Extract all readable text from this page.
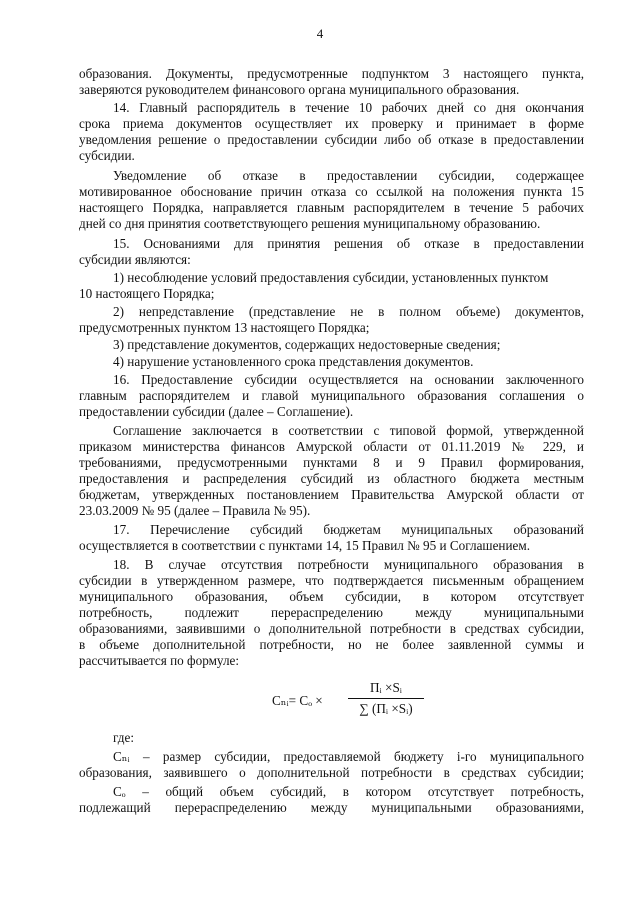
4
образования. Документы, предусмотренные подпунктом 3 настоящего пункта,
заверяются руководителем финансового органа муниципального образования.
14. Главный распорядитель в течение 10 рабочих дней со дня окончания
срока приема документов осуществляет их проверку и принимает в форме
уведомления решение о предоставлении субсидии либо об отказе в предоставлении
субсидии.
Уведомление об отказе в предоставлении субсидии, содержащее
мотивированное обоснование причин отказа со ссылкой на положения пункта 15
настоящего Порядка, направляется главным распорядителем в течение 5 рабочих
дней со дня принятия соответствующего решения муниципальному образованию.
15. Основаниями для принятия решения об отказе в предоставлении
субсидии являются:
1) несоблюдение условий предоставления субсидии, установленных пунктом
10 настоящего Порядка;
2) непредставление (представление не в полном объеме) документов,
предусмотренных пунктом 13 настоящего Порядка;
3) представление документов, содержащих недостоверные сведения;
4) нарушение установленного срока представления документов.
16. Предоставление субсидии осуществляется на основании заключенного
главным распорядителем и главой муниципального образования соглашения о
предоставлении субсидии (далее – Соглашение).
Соглашение заключается в соответствии с типовой формой, утвержденной
приказом министерства финансов Амурской области от 01.11.2019 № 229, и
требованиями, предусмотренными пунктами 8 и 9 Правил формирования,
предоставления и распределения субсидий из областного бюджета местным
бюджетам, утвержденных постановлением Правительства Амурской области от
23.03.2009 № 95 (далее – Правила № 95).
17. Перечисление субсидий бюджетам муниципальных образований
осуществляется в соответствии с пунктами 14, 15 Правил № 95 и Соглашением.
18. В случае отсутствия потребности муниципального образования в
субсидии в утвержденном размере, что подтверждается письменным обращением
муниципального образования, объем субсидии, в котором отсутствует
потребность, подлежит перераспределению между муниципальными
образованиями, заявившими о дополнительной потребности в средствах субсидии,
в объеме дополнительной потребности, но не более заявленной суммы и
рассчитывается по формуле:
Cₙᵢ= Cₒ ×
Πᵢ ×Sᵢ
∑ (Πᵢ ×Sᵢ)
где:
Cₙᵢ – размер субсидии, предоставляемой бюджету i-го муниципального
образования, заявившего о дополнительной потребности в средствах субсидии;
Cₒ – общий объем субсидий, в котором отсутствует потребность,
подлежащий перераспределению между муниципальными образованиями,
